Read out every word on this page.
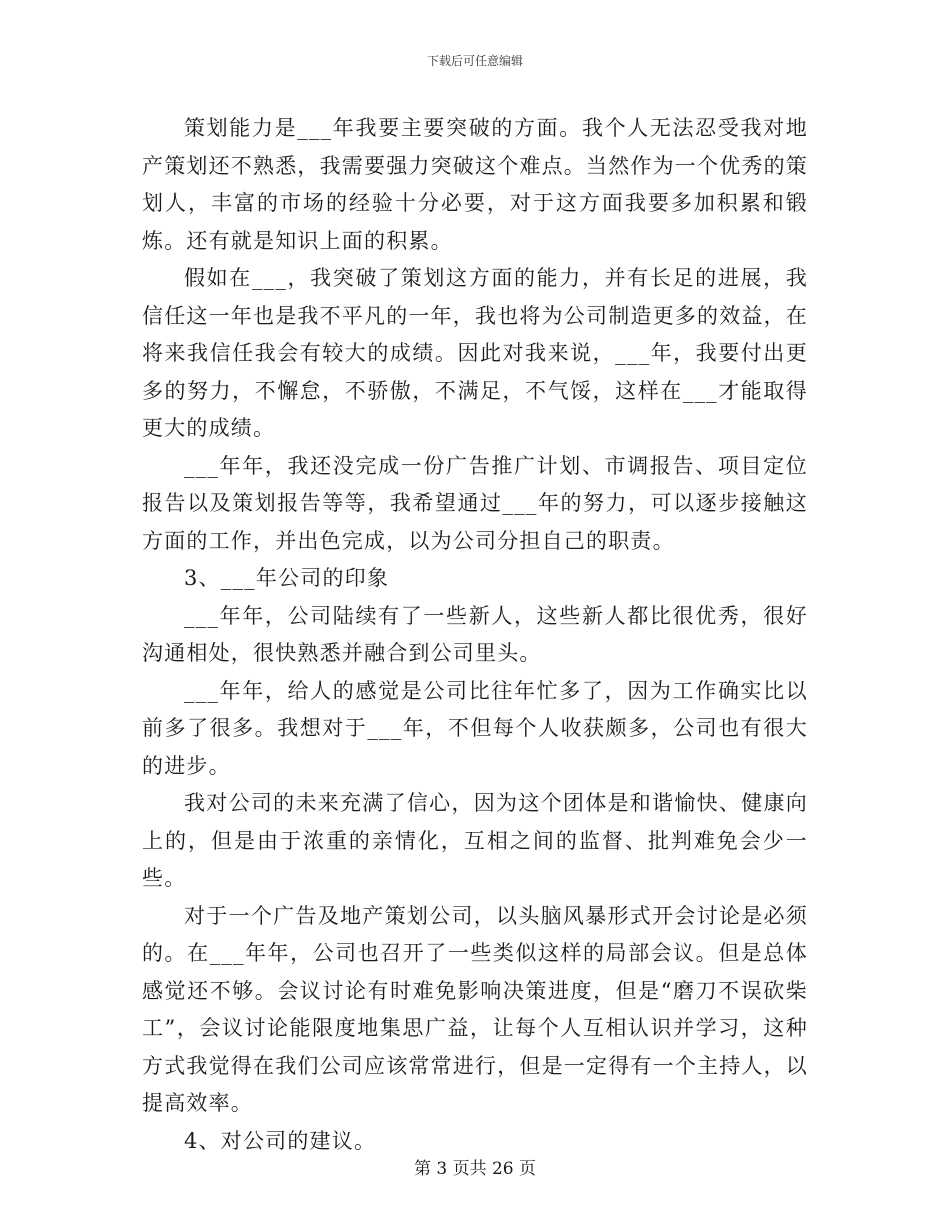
下载后可任意编辑

策划能力是___年我要主要突破的方面。我个人无法忍受我对地产策划还不熟悉，我需要强力突破这个难点。当然作为一个优秀的策划人，丰富的市场的经验十分必要，对于这方面我要多加积累和锻炼。还有就是知识上面的积累。

假如在___，我突破了策划这方面的能力，并有长足的进展，我信任这一年也是我不平凡的一年，我也将为公司制造更多的效益，在将来我信任我会有较大的成绩。因此对我来说，___年，我要付出更多的努力，不懈怠，不骄傲，不满足，不气馁，这样在___才能取得更大的成绩。

___年年，我还没完成一份广告推广计划、市调报告、项目定位报告以及策划报告等等，我希望通过___年的努力，可以逐步接触这方面的工作，并出色完成，以为公司分担自己的职责。

3、___年公司的印象

___年年，公司陆续有了一些新人，这些新人都比很优秀，很好沟通相处，很快熟悉并融合到公司里头。

___年年，给人的感觉是公司比往年忙多了，因为工作确实比以前多了很多。我想对于___年，不但每个人收获颇多，公司也有很大的进步。

我对公司的未来充满了信心，因为这个团体是和谐愉快、健康向上的，但是由于浓重的亲情化，互相之间的监督、批判难免会少一些。

对于一个广告及地产策划公司，以头脑风暴形式开会讨论是必须的。在___年年，公司也召开了一些类似这样的局部会议。但是总体感觉还不够。会议讨论有时难免影响决策进度，但是“磨刀不误砍柴工”，会议讨论能限度地集思广益，让每个人互相认识并学习，这种方式我觉得在我们公司应该常常进行，但是一定得有一个主持人，以提高效率。

4、对公司的建议。

第 3 页共 26 页
